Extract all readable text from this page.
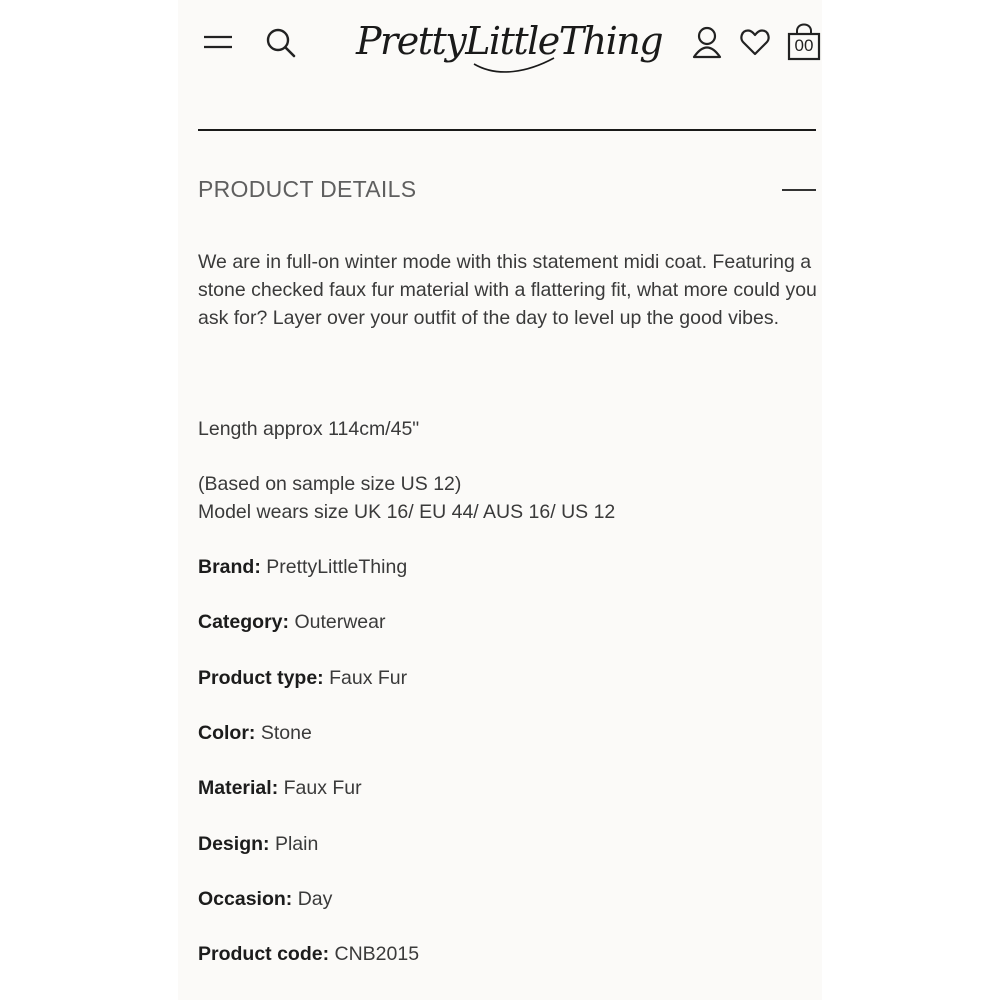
PrettyLittleThing	00
PRODUCT DETAILS

We are in full-on winter mode with this statement midi coat. Featuring a stone checked faux fur material with a flattering fit, what more could you ask for? Layer over your outfit of the day to level up the good vibes.

Length approx 114cm/45"

(Based on sample size US 12)

Model wears size UK 16/ EU 44/ AUS 16/ US 12

Brand: PrettyLittleThing

Category: Outerwear

Product type: Faux Fur

Color: Stone

Material: Faux Fur

Design: Plain

Occasion: Day

Product code: CNB2015
